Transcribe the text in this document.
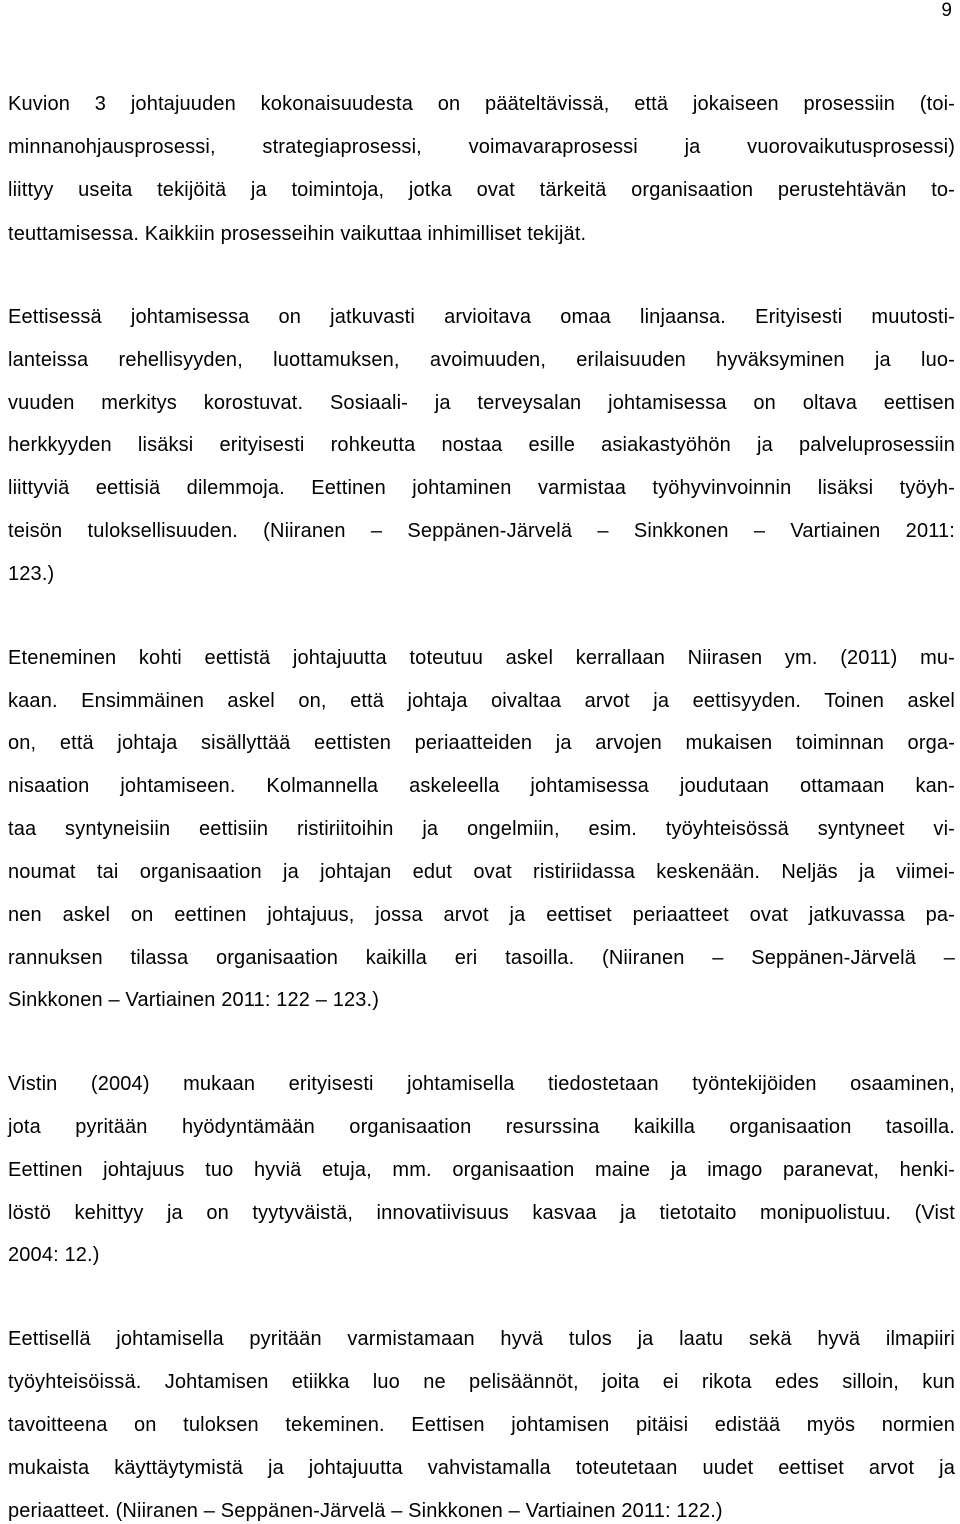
9
Kuvion 3 johtajuuden kokonaisuudesta on pääteltävissä, että jokaiseen prosessiin (toi-
minnanohjausprosessi, strategiaprosessi, voimavaraprosessi ja vuorovaikutusprosessi)
liittyy useita tekijöitä ja toimintoja, jotka ovat tärkeitä organisaation perustehtävän to-
teuttamisessa. Kaikkiin prosesseihin vaikuttaa inhimilliset tekijät.
Eettisessä johtamisessa on jatkuvasti arvioitava omaa linjaansa. Erityisesti muutosti-
lanteissa rehellisyyden, luottamuksen, avoimuuden, erilaisuuden hyväksyminen ja luo-
vuuden merkitys korostuvat. Sosiaali- ja terveysalan johtamisessa on oltava eettisen
herkkyyden lisäksi erityisesti rohkeutta nostaa esille asiakastyöhön ja palveluprosessiin
liittyviä eettisiä dilemmoja. Eettinen johtaminen varmistaa työhyvinvoinnin lisäksi työyh-
teisön tuloksellisuuden. (Niiranen – Seppänen-Järvelä – Sinkkonen – Vartiainen 2011:
123.)
Eteneminen kohti eettistä johtajuutta toteutuu askel kerrallaan Niirasen ym. (2011) mu-
kaan. Ensimmäinen askel on, että johtaja oivaltaa arvot ja eettisyyden. Toinen askel
on, että johtaja sisällyttää eettisten periaatteiden ja arvojen mukaisen toiminnan orga-
nisaation johtamiseen. Kolmannella askeleella johtamisessa joudutaan ottamaan kan-
taa syntyneisiin eettisiin ristiriitoihin ja ongelmiin, esim. työyhteisössä syntyneet vi-
noumat tai organisaation ja johtajan edut ovat ristiriidassa keskenään. Neljäs ja viimei-
nen askel on eettinen johtajuus, jossa arvot ja eettiset periaatteet ovat jatkuvassa pa-
rannuksen tilassa organisaation kaikilla eri tasoilla. (Niiranen – Seppänen-Järvelä –
Sinkkonen – Vartiainen 2011: 122 – 123.)
Vistin (2004) mukaan erityisesti johtamisella tiedostetaan työntekijöiden osaaminen,
jota pyritään hyödyntämään organisaation resurssina kaikilla organisaation tasoilla.
Eettinen johtajuus tuo hyviä etuja, mm. organisaation maine ja imago paranevat, henki-
löstö kehittyy ja on tyytyväistä, innovatiivisuus kasvaa ja tietotaito monipuolistuu. (Vist
2004: 12.)
Eettisellä johtamisella pyritään varmistamaan hyvä tulos ja laatu sekä hyvä ilmapiiri
työyhteisöissä. Johtamisen etiikka luo ne pelisäännöt, joita ei rikota edes silloin, kun
tavoitteena on tuloksen tekeminen. Eettisen johtamisen pitäisi edistää myös normien
mukaista käyttäytymistä ja johtajuutta vahvistamalla toteutetaan uudet eettiset arvot ja
periaatteet. (Niiranen – Seppänen-Järvelä – Sinkkonen – Vartiainen 2011: 122.)
